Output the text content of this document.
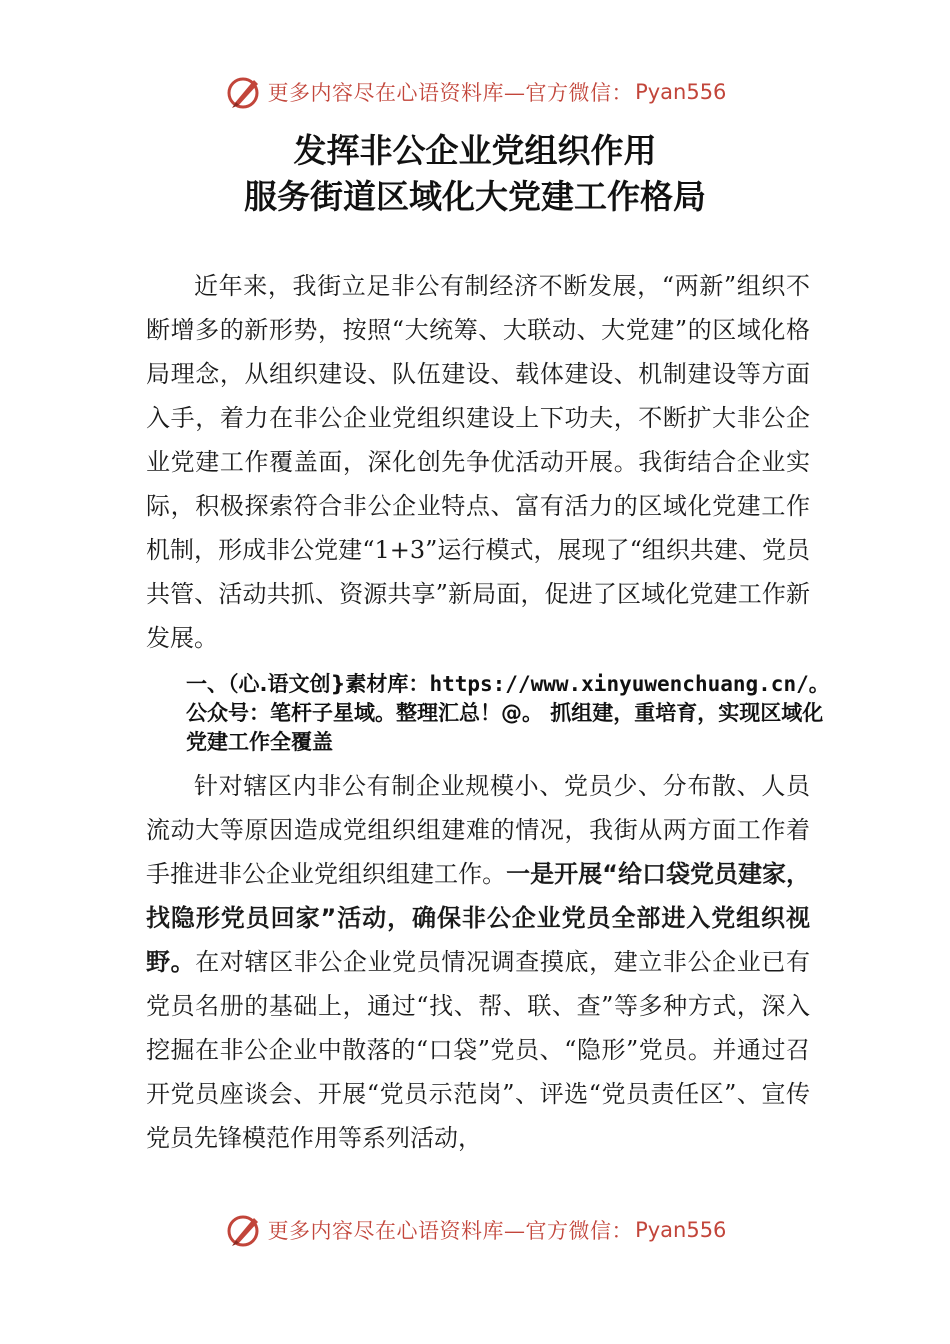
更多内容尽在心语资料库—官方微信： Pyan556
发挥非公企业党组织作用
服务街道区域化大党建工作格局

近年来，我街立足非公有制经济不断发展，“两新”组织不断增多的新形势，按照“大统筹、大联动、大党建”的区域化格局理念，从组织建设、队伍建设、载体建设、机制建设等方面入手，着力在非公企业党组织建设上下功夫，不断扩大非公企业党建工作覆盖面，深化创先争优活动开展。我街结合企业实际，积极探索符合非公企业特点、富有活力的区域化党建工作机制，形成非公党建“1+3”运行模式，展现了“组织共建、党员共管、活动共抓、资源共享”新局面，促进了区域化党建工作新发展。

一、（心.语文创}素材库：https://www.xinyuwenchuang.cn/。公众号：笔杆子星域。整理汇总！@。 抓组建，重培育，实现区域化党建工作全覆盖

针对辖区内非公有制企业规模小、党员少、分布散、人员流动大等原因造成党组织组建难的情况，我街从两方面工作着手推进非公企业党组织组建工作。一是开展“给口袋党员建家，找隐形党员回家”活动，确保非公企业党员全部进入党组织视野。在对辖区非公企业党员情况调查摸底，建立非公企业已有党员名册的基础上，通过“找、帮、联、查”等多种方式，深入挖掘在非公企业中散落的“口袋”党员、“隐形”党员。并通过召开党员座谈会、开展“党员示范岗”、评选“党员责任区”、宣传党员先锋模范作用等系列活动，

更多内容尽在心语资料库—官方微信： Pyan556
